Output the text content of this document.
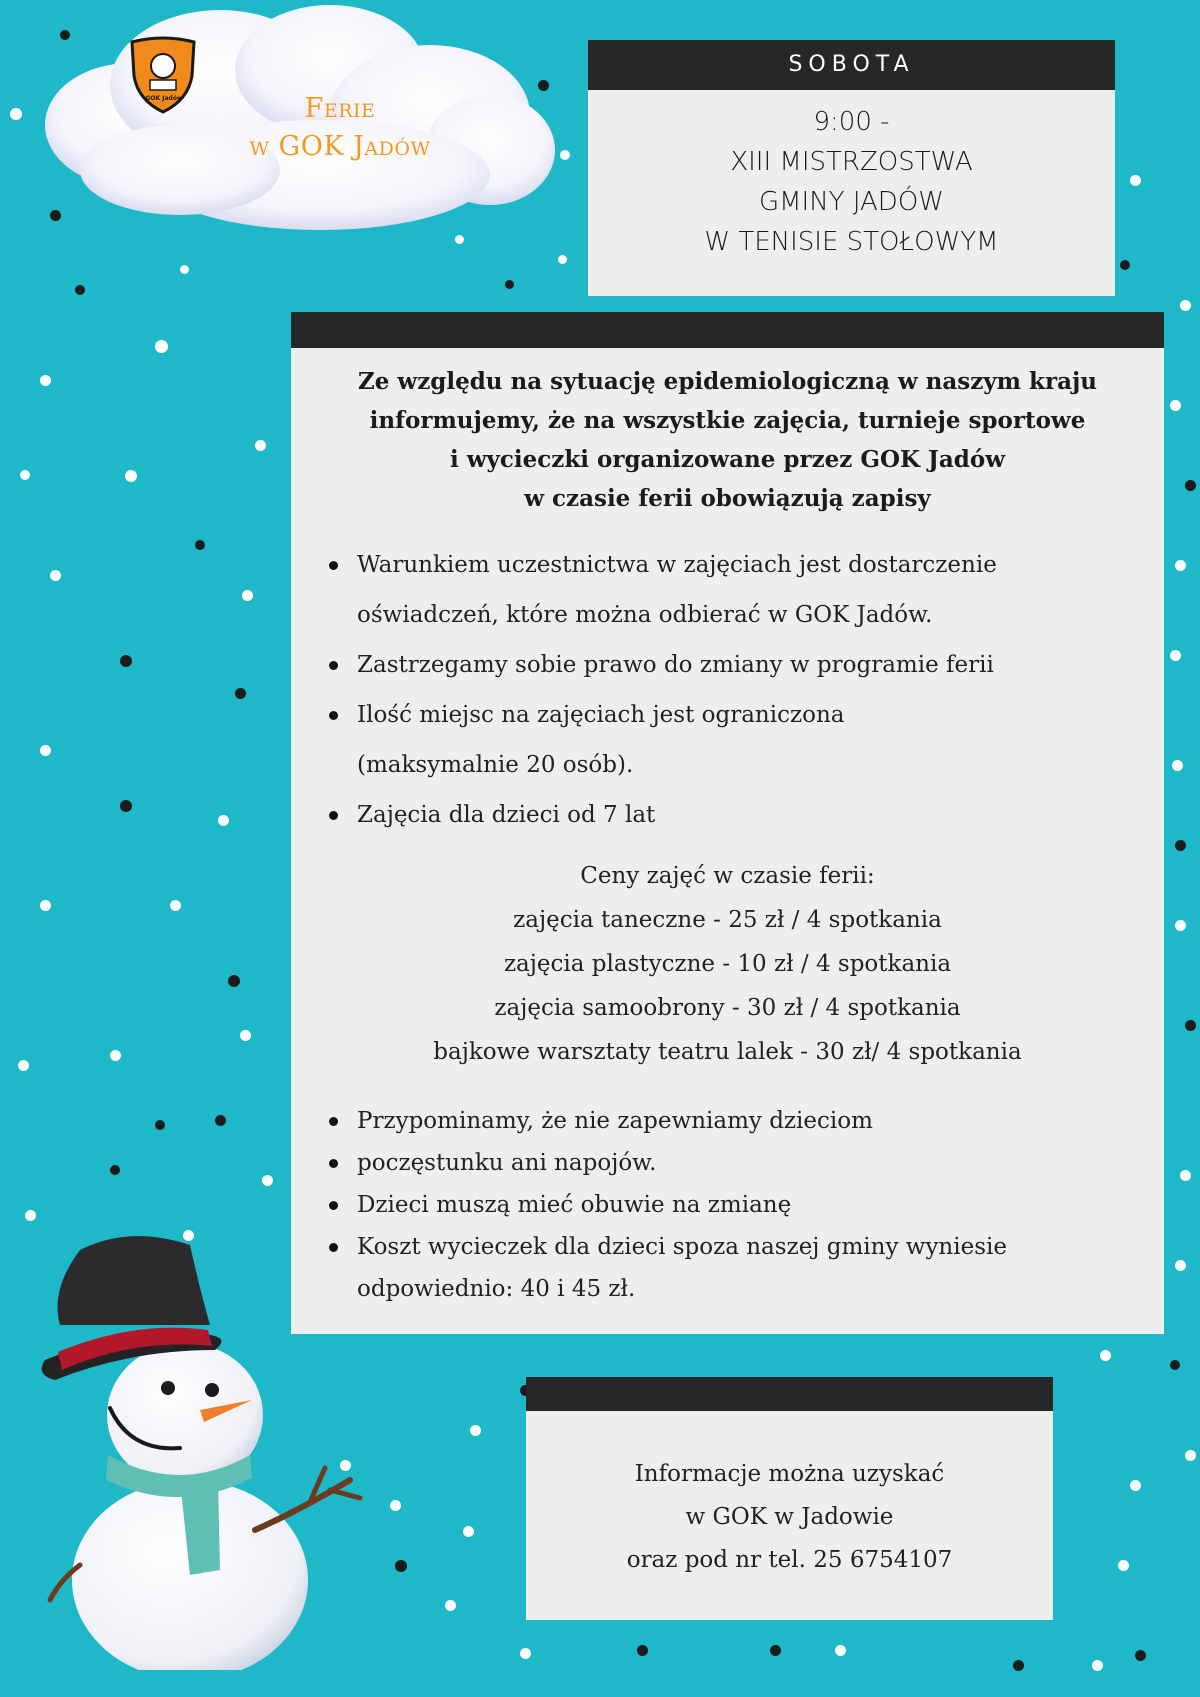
GOK Jadów	Ferie
w GOK Jadów
SOBOTA
9:00 -
XIII MISTRZOSTWA
GMINY JADÓW
W TENISIE STOŁOWYM
Ze względu na sytuację epidemiologiczną w naszym kraju
informujemy, że na wszystkie zajęcia, turnieje sportowe
i wycieczki organizowane przez GOK Jadów
w czasie ferii obowiązują zapisy
Warunkiem uczestnictwa w zajęciach jest dostarczenie
oświadczeń, które można odbierać w GOK Jadów.
Zastrzegamy sobie prawo do zmiany w programie ferii
Ilość miejsc na zajęciach jest ograniczona
(maksymalnie 20 osób).
Zajęcia dla dzieci od 7 lat
Ceny zajęć w czasie ferii:
zajęcia taneczne - 25 zł / 4 spotkania
zajęcia plastyczne - 10 zł / 4 spotkania
zajęcia samoobrony - 30 zł / 4 spotkania
bajkowe warsztaty teatru lalek - 30 zł/ 4 spotkania
Przypominamy, że nie zapewniamy dzieciom
poczęstunku ani napojów.
Dzieci muszą mieć obuwie na zmianę
Koszt wycieczek dla dzieci spoza naszej gminy wyniesie
odpowiednio: 40 i 45 zł.
Informacje można uzyskać
w GOK w Jadowie
oraz pod nr tel. 25 6754107
